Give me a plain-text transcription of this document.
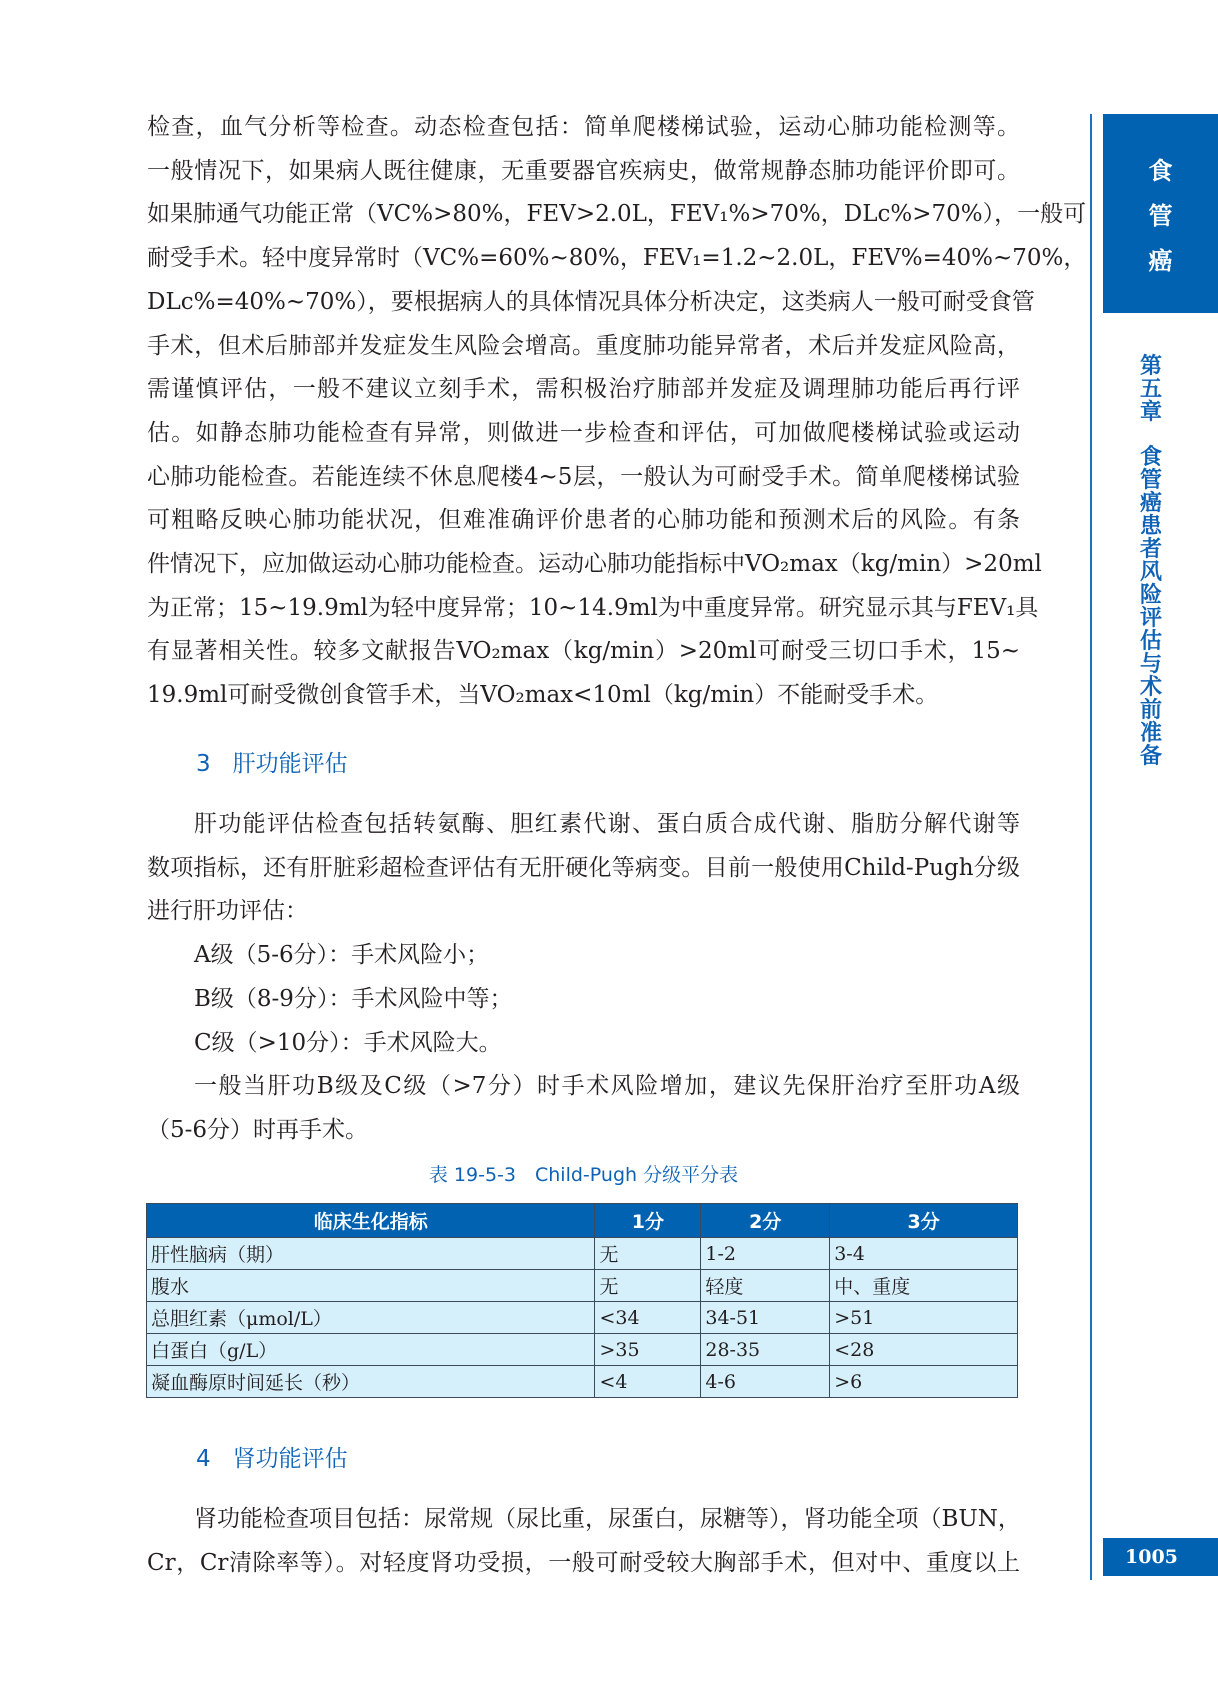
食
管
癌
第五章
食管癌患者风险评估与术前准备
1005
检查，血气分析等检查。动态检查包括：简单爬楼梯试验，运动心肺功能检测等。
一般情况下，如果病人既往健康，无重要器官疾病史，做常规静态肺功能评价即可。
如果肺通气功能正常（VC%>80%，FEV>2.0L，FEV₁%>70%，DLc%>70%），一般可
耐受手术。轻中度异常时（VC%=60%~80%，FEV₁=1.2~2.0L，FEV%=40%~70%，
DLc%=40%~70%），要根据病人的具体情况具体分析决定，这类病人一般可耐受食管
手术，但术后肺部并发症发生风险会增高。重度肺功能异常者，术后并发症风险高，
需谨慎评估，一般不建议立刻手术，需积极治疗肺部并发症及调理肺功能后再行评
估。如静态肺功能检查有异常，则做进一步检查和评估，可加做爬楼梯试验或运动
心肺功能检查。若能连续不休息爬楼4~5层，一般认为可耐受手术。简单爬楼梯试验
可粗略反映心肺功能状况，但难准确评价患者的心肺功能和预测术后的风险。有条
件情况下，应加做运动心肺功能检查。运动心肺功能指标中VO₂max（kg/min）>20ml
为正常；15~19.9ml为轻中度异常；10~14.9ml为中重度异常。研究显示其与FEV₁具
有显著相关性。较多文献报告VO₂max（kg/min）>20ml可耐受三切口手术，15~
19.9ml可耐受微创食管手术，当VO₂max<10ml（kg/min）不能耐受手术。
3 肝功能评估
肝功能评估检查包括转氨酶、胆红素代谢、蛋白质合成代谢、脂肪分解代谢等
数项指标，还有肝脏彩超检查评估有无肝硬化等病变。目前一般使用Child-Pugh分级
进行肝功评估：
A级（5-6分）：手术风险小；
B级（8-9分）：手术风险中等；
C级（>10分）：手术风险大。
一般当肝功B级及C级（>7分）时手术风险增加，建议先保肝治疗至肝功A级
（5-6分）时再手术。
表 19-5-3　Child-Pugh 分级平分表
临床生化指标	1分	2分	3分
肝性脑病（期）	无	1-2	3-4
腹水	无	轻度	中、重度
总胆红素（μmol/L）	<34	34-51	>51
白蛋白（g/L）	>35	28-35	<28
凝血酶原时间延长（秒）	<4	4-6	>6
4 肾功能评估
肾功能检查项目包括：尿常规（尿比重，尿蛋白，尿糖等），肾功能全项（BUN，
Cr，Cr清除率等）。对轻度肾功受损，一般可耐受较大胸部手术，但对中、重度以上
